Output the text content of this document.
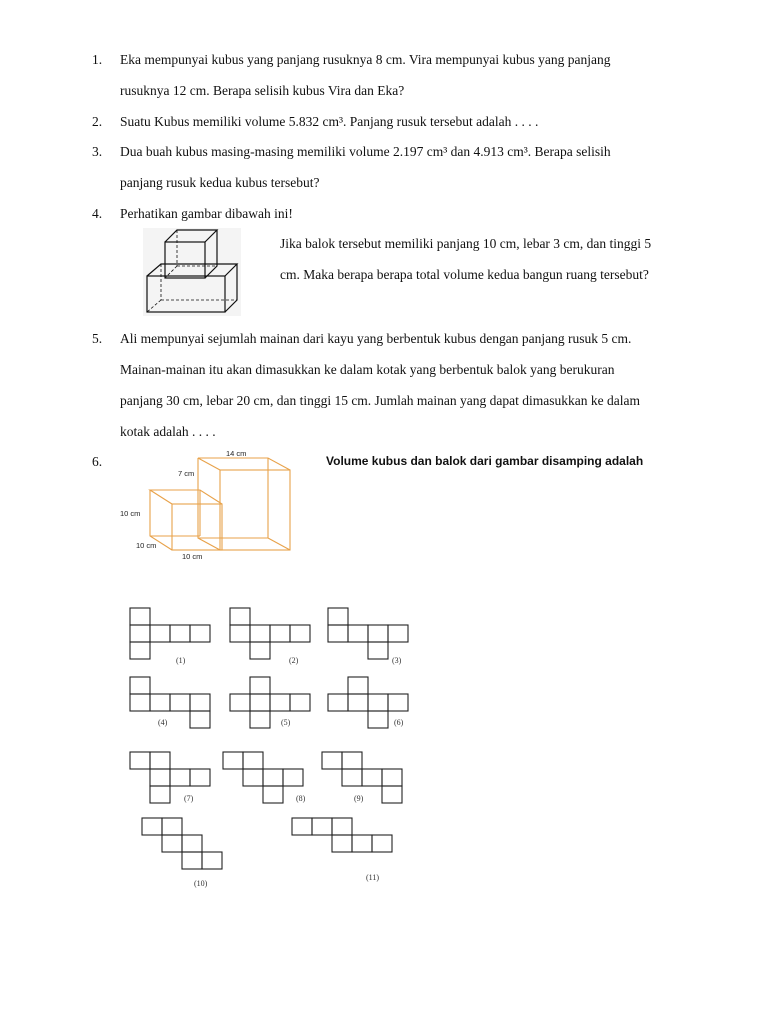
1.	Eka mempunyai kubus yang panjang rusuknya 8 cm. Vira mempunyai kubus yang panjang
rusuknya 12 cm. Berapa selisih kubus Vira dan Eka?
2.	Suatu Kubus memiliki volume 5.832 cm³. Panjang rusuk tersebut adalah . . . .
3.	Dua buah kubus masing-masing memiliki volume 2.197 cm³ dan 4.913 cm³. Berapa selisih
panjang rusuk kedua kubus tersebut?
4.	Perhatikan gambar dibawah ini!
Jika balok tersebut memiliki panjang 10 cm, lebar 3 cm, dan tinggi 5
cm. Maka berapa berapa total volume kedua bangun ruang tersebut?
5.	Ali mempunyai sejumlah mainan dari kayu yang berbentuk kubus dengan panjang rusuk 5 cm.
Mainan-mainan itu akan dimasukkan ke dalam kotak yang berbentuk balok yang berukuran
panjang 30 cm, lebar 20 cm, dan tinggi 15 cm. Jumlah mainan yang dapat dimasukkan ke dalam
kotak adalah . . . .
6.	Volume kubus dan balok dari gambar disamping adalah
14 cm
7 cm
10 cm
10 cm
10 cm
(1)	(2)	(3)
(4)	(5)	(6)
(7)	(8)	(9)
(10)
(11)
